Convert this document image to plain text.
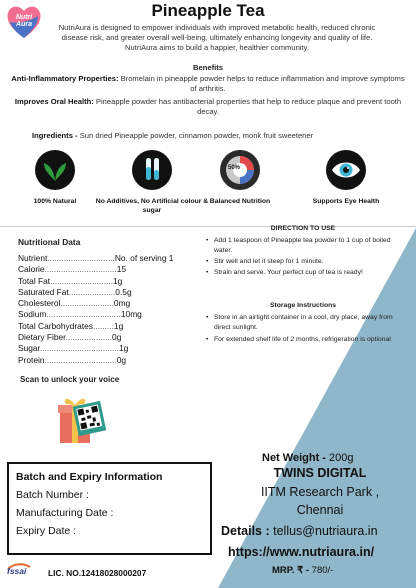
Nutri
Aura
Pineapple Tea
NutriAura is designed to empower individuals with improved metabolic health, reduced chronic disease risk, and greater overall well-being, ultimately enhancing longevity and quality of life. NutriAura aims to build a happier, healthier community.
Benefits
Anti-Inflammatory Properties: Bromelain in pineapple powder helps to reduce inflammation and improve symptoms of arthritis.
Improves Oral Health: Pineapple powder has antibacterial properties that help to reduce plaque and prevent tooth decay.
Ingredients - Sun dried Pineapple powder, cinnamon powder, monk fruit sweetener
100% Natural	No Additives, No Artificial colour & sugar
Balanced Nutrition
50%
Supports Eye Health
Nutritional Data
Nutrient.............................No. of serving 1
Calorie...............................15
Total Fat...........................1g
Saturated Fat....................0.5g
Cholesterol.......................0mg
Sodium................................10mg
Total Carbohydrates.........1g
Dietary Fiber....................0g
Sugar..................................1g
Protein...............................0g
DIRECTION TO USE
• Add 1 teaspoon of Pineapple tea powder to 1 cup of boiled water.
• Stir well and let it steep for 1 minute.
• Strain and serve. Your perfect cup of tea is ready!
Storage Instructions
• Store in an airtight container in a cool, dry place, away from direct sunlight.
• For extended shelf life of 2 months, refrigeration is optional
Scan to unlock your voice
Batch and Expiry Information
Batch Number :
Manufacturing Date :
Expiry Date :
Net Weight - 200g
TWINS DIGITAL
IITM Research Park ,
Chennai
Details : tellus@nutriaura.in
https://www.nutriaura.in/
MRP. ₹ - 780/-
fssai	LIC. NO.12418028000207
